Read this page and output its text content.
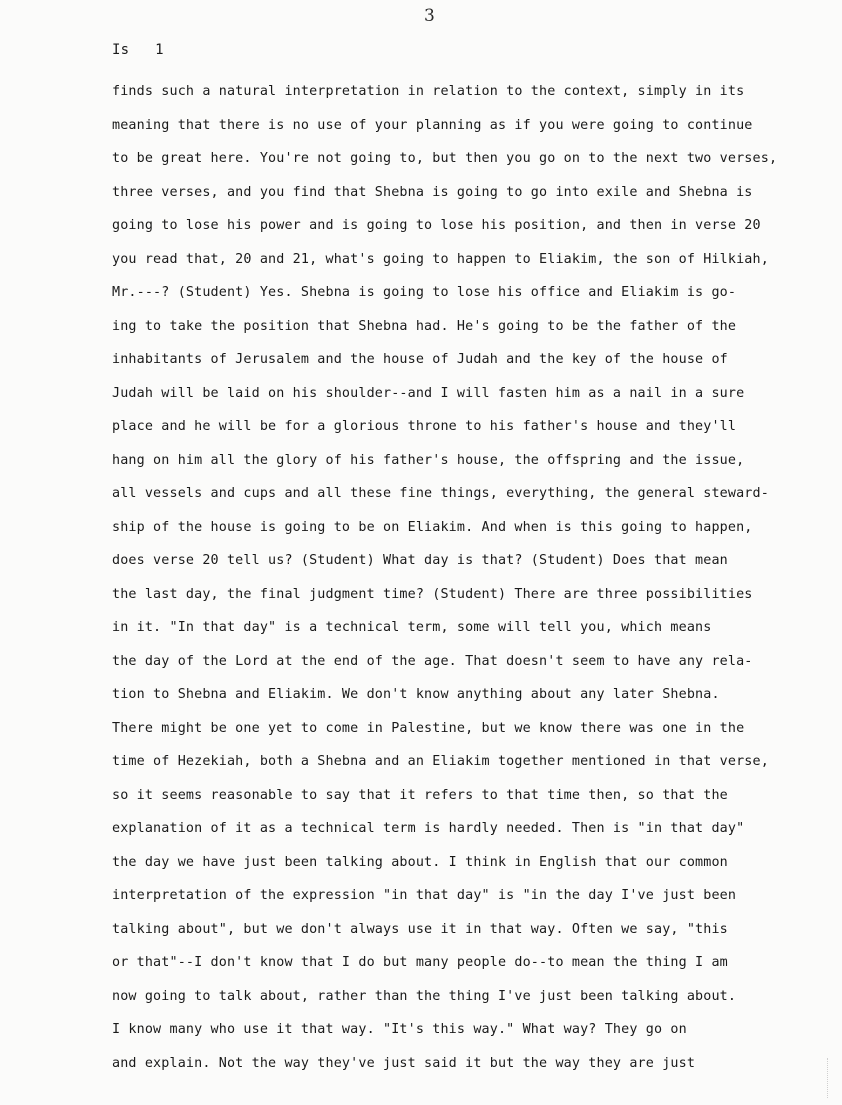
3
Is   1
finds such a natural interpretation in relation to the context, simply in its
meaning that there is no use of your planning as if you were going to continue
to be great here. You're not going to, but then you go on to the next two verses,
three verses, and you find that Shebna is going to go into exile and Shebna is
going to lose his power and is going to lose his position, and then in verse 20
you read that, 20 and 21, what's going to happen to Eliakim, the son of Hilkiah,
Mr.---? (Student) Yes. Shebna is going to lose his office and Eliakim is go-
ing to take the position that Shebna had. He's going to be the father of the
inhabitants of Jerusalem and the house of Judah and the key of the house of
Judah will be laid on his shoulder--and I will fasten him as a nail in a sure
place and he will be for a glorious throne to his father's house and they'll
hang on him all the glory of his father's house, the offspring and the issue,
all vessels and cups and all these fine things, everything, the general steward-
ship of the house is going to be on Eliakim. And when is this going to happen,
does verse 20 tell us? (Student) What day is that? (Student) Does that mean
the last day, the final judgment time? (Student) There are three possibilities
in it. "In that day" is a technical term, some will tell you, which means
the day of the Lord at the end of the age. That doesn't seem to have any rela-
tion to Shebna and Eliakim. We don't know anything about any later Shebna.
There might be one yet to come in Palestine, but we know there was one in the
time of Hezekiah, both a Shebna and an Eliakim together mentioned in that verse,
so it seems reasonable to say that it refers to that time then, so that the
explanation of it as a technical term is hardly needed. Then is "in that day"
the day we have just been talking about. I think in English that our common
interpretation of the expression "in that day" is "in the day I've just been
talking about", but we don't always use it in that way. Often we say, "this
or that"--I don't know that I do but many people do--to mean the thing I am
now going to talk about, rather than the thing I've just been talking about.
I know many who use it that way. "It's this way." What way? They go on
and explain. Not the way they've just said it but the way they are just
